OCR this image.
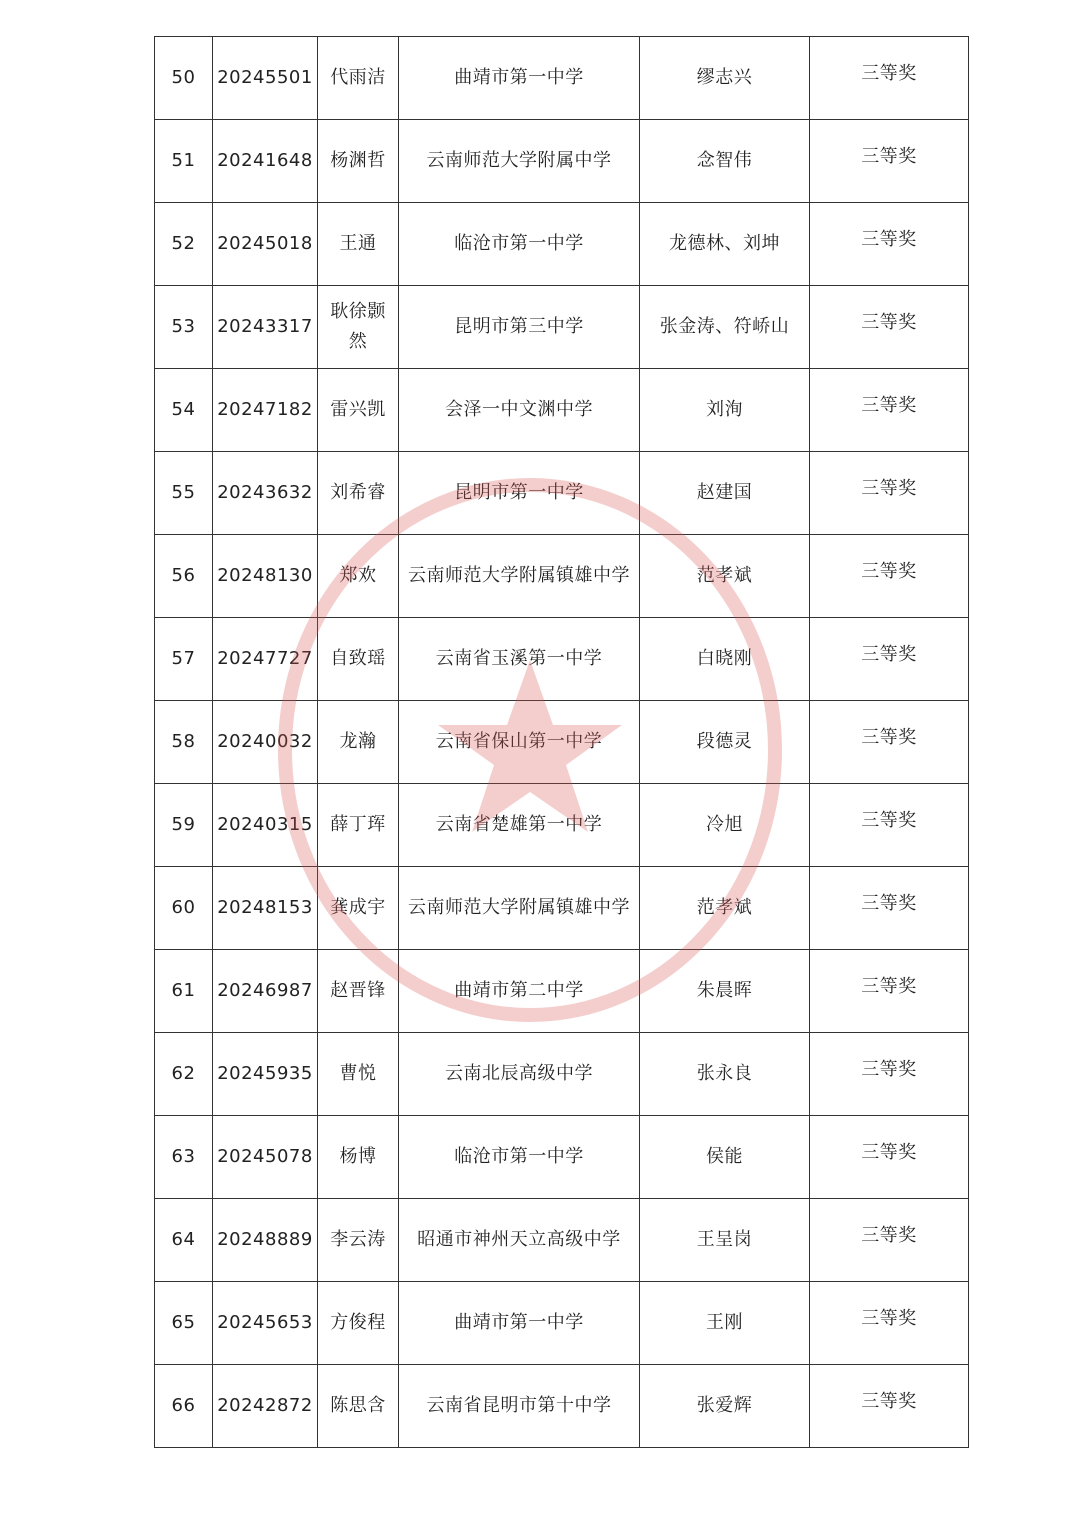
50	20245501	代雨洁	曲靖市第一中学	缪志兴	三等奖
51	20241648	杨渊哲	云南师范大学附属中学	念智伟	三等奖
52	20245018	王通	临沧市第一中学	龙德林、刘坤	三等奖
53	20243317	耿徐颢然	昆明市第三中学	张金涛、符峤山	三等奖
54	20247182	雷兴凯	会泽一中文渊中学	刘洵	三等奖
55	20243632	刘希睿	昆明市第一中学	赵建国	三等奖
56	20248130	郑欢	云南师范大学附属镇雄中学	范孝斌	三等奖
57	20247727	自致瑶	云南省玉溪第一中学	白晓刚	三等奖
58	20240032	龙瀚	云南省保山第一中学	段德灵	三等奖
59	20240315	薛丁珲	云南省楚雄第一中学	冷旭	三等奖
60	20248153	龚成宇	云南师范大学附属镇雄中学	范孝斌	三等奖
61	20246987	赵晋锋	曲靖市第二中学	朱晨晖	三等奖
62	20245935	曹悦	云南北辰高级中学	张永良	三等奖
63	20245078	杨博	临沧市第一中学	侯能	三等奖
64	20248889	李云涛	昭通市神州天立高级中学	王呈岗	三等奖
65	20245653	方俊程	曲靖市第一中学	王刚	三等奖
66	20242872	陈思含	云南省昆明市第十中学	张爱辉	三等奖
